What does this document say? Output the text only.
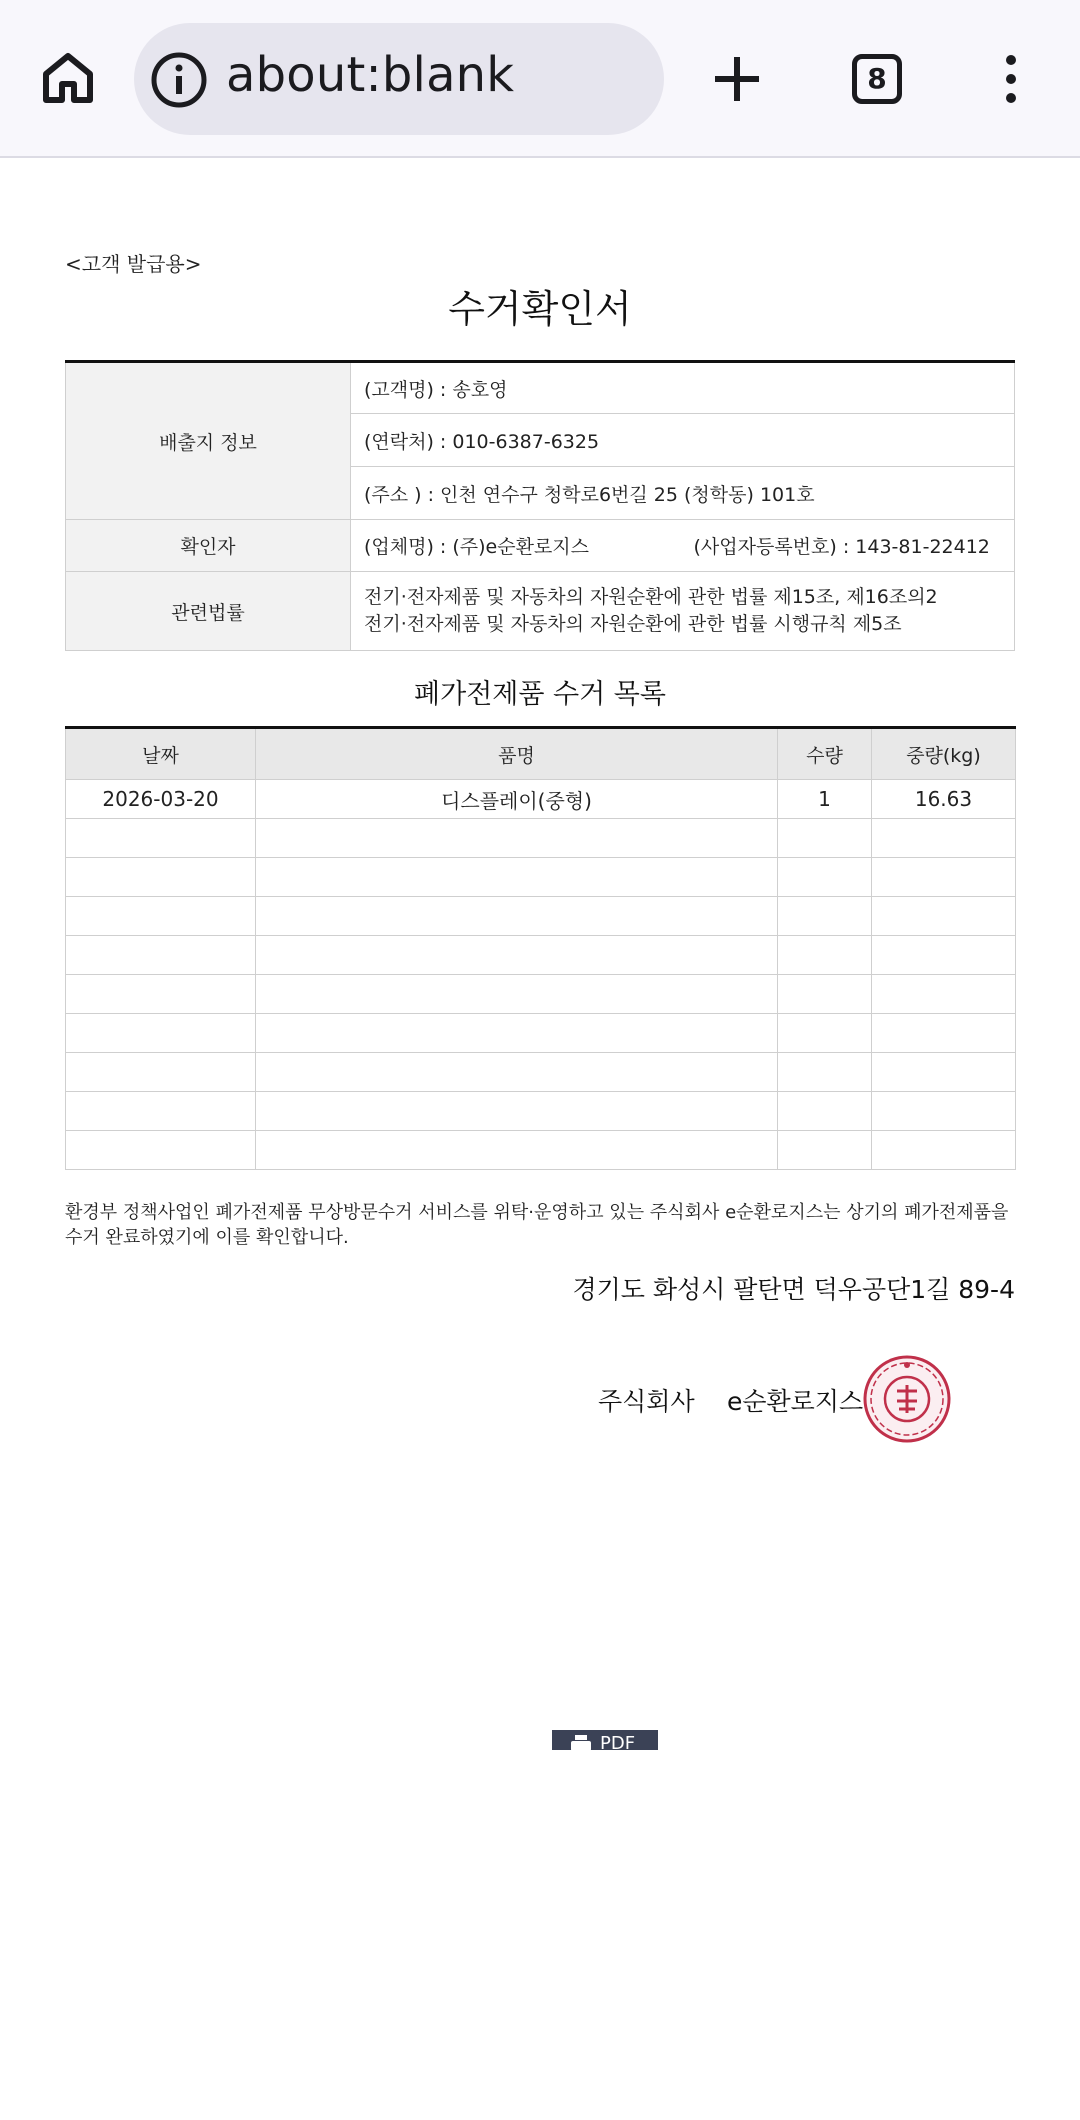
about:blank	8
<고객 발급용>
수거확인서
배출지 정보	(고객명) : 송호영
	(연락처) : 010-6387-6325
	(주소 ) : 인천 연수구 청학로6번길 25 (청학동) 101호
확인자	(업체명) : (주)e순환로지스 (사업자등록번호) : 143-81-22412

관련법률	전기·전자제품 및 자동차의 자원순환에 관한 법률 제15조, 제16조의2
전기·전자제품 및 자동차의 자원순환에 관한 법률 시행규칙 제5조
폐가전제품 수거 목록
날짜	품명	수량	중량(kg)
2026-03-20	디스플레이(중형)	1	16.63

환경부 정책사업인 폐가전제품 무상방문수거 서비스를 위탁·운영하고 있는 주식회사 e순환로지스는 상기의 폐가전제품을 수거 완료하였기에 이를 확인합니다.
경기도 화성시 팔탄면 덕우공단1길 89-4
주식회사 e순환로지스
PDF
